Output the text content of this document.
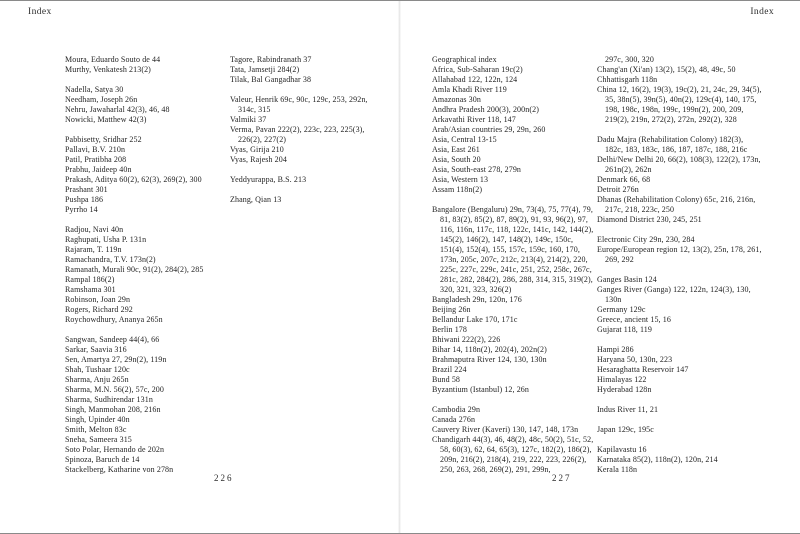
Index	Index
Moura, Eduardo Souto de 44
Murthy, Venkatesh 213(2)
Nadella, Satya 30
Needham, Joseph 26n
Nehru, Jawaharlal 42(3), 46, 48
Nowicki, Matthew 42(3)
Pabbisetty, Sridhar 252
Pallavi, B.V. 210n
Patil, Pratibha 208
Prabhu, Jaideep 40n
Prakash, Aditya 60(2), 62(3), 269(2), 300
Prashant 301
Pushpa 186
Pyrrho 14
Radjou, Navi 40n
Raghupati, Usha P. 131n
Rajaram, T. 119n
Ramachandra, T.V. 173n(2)
Ramanath, Murali 90c, 91(2), 284(2), 285
Rampal 186(2)
Ramshama 301
Robinson, Joan 29n
Rogers, Richard 292
Roychowdhury, Ananya 265n
Sangwan, Sandeep 44(4), 66
Sarkar, Saavia 316
Sen, Amartya 27, 29n(2), 119n
Shah, Tushaar 120c
Sharma, Anju 265n
Sharma, M.N. 56(2), 57c, 200
Sharma, Sudhirendar 131n
Singh, Manmohan 208, 216n
Singh, Upinder 40n
Smith, Melton 83c
Sneha, Sameera 315
Soto Polar, Hernando de 202n
Spinoza, Baruch de 14
Stackelberg, Katharine von 278n
Tagore, Rabindranath 37
Tata, Jamsetji 284(2)
Tilak, Bal Gangadhar 38
Valeur, Henrik 69c, 90c, 129c, 253, 292n, 314c, 315
Valmiki 37
Verma, Pavan 222(2), 223c, 223, 225(3), 226(2), 227(2)
Vyas, Girija 210
Vyas, Rajesh 204
Yeddyurappa, B.S. 213
Zhang, Qian 13
Geographical index
Africa, Sub-Saharan 19c(2)
Allahabad 122, 122n, 124
Amla Khadi River 119
Amazonas 30n
Andhra Pradesh 200(3), 200n(2)
Arkavathi River 118, 147
Arab/Asian countries 29, 29n, 260
Asia, Central 13-15
Asia, East 261
Asia, South 20
Asia, South-east 278, 279n
Asia, Western 13
Assam 118n(2)
Bangalore (Bengaluru) 29n, 73(4), 75, 77(4), 79, 81, 83(2), 85(2), 87, 89(2), 91, 93, 96(2), 97, 116, 116n, 117c, 118, 122c, 141c, 142, 144(2), 145(2), 146(2), 147, 148(2), 149c, 150c, 151(4), 152(4), 155, 157c, 159c, 160, 170, 173n, 205c, 207c, 212c, 213(4), 214(2), 220, 225c, 227c, 229c, 241c, 251, 252, 258c, 267c, 281c, 282, 284(2), 286, 288, 314, 315, 319(2), 320, 321, 323, 326(2)
Bangladesh 29n, 120n, 176
Beijing 26n
Bellandur Lake 170, 171c
Berlin 178
Bhiwani 222(2), 226
Bihar 14, 118n(2), 202(4), 202n(2)
Brahmaputra River 124, 130, 130n
Brazil 224
Bund 58
Byzantium (Istanbul) 12, 26n
Cambodia 29n
Canada 276n
Cauvery River (Kaveri) 130, 147, 148, 173n
Chandigarh 44(3), 46, 48(2), 48c, 50(2), 51c, 52, 58, 60(3), 62, 64, 65(3), 127c, 182(2), 186(2), 209n, 216(2), 218(4), 219, 222, 223, 226(2), 250, 263, 268, 269(2), 291, 299n,
297c, 300, 320
Chang'an (Xi'an) 13(2), 15(2), 48, 49c, 50
Chhattisgarh 118n
China 12, 16(2), 19(3), 19c(2), 21, 24c, 29, 34(5), 35, 38n(5), 39n(5), 40n(2), 129c(4), 140, 175, 198, 198c, 198n, 199c, 199n(2), 200, 209, 219(2), 219n, 272(2), 272n, 292(2), 328
Dadu Majra (Rehabilitation Colony) 182(3), 182c, 183, 183c, 186, 187, 187c, 188, 216c
Delhi/New Delhi 20, 66(2), 108(3), 122(2), 173n, 261n(2), 262n
Denmark 66, 68
Detroit 276n
Dhanas (Rehabilitation Colony) 65c, 216, 216n, 217c, 218, 223c, 250
Diamond District 230, 245, 251
Electronic City 29n, 230, 284
Europe/European region 12, 13(2), 25n, 178, 261, 269, 292
Ganges Basin 124
Ganges River (Ganga) 122, 122n, 124(3), 130, 130n
Germany 129c
Greece, ancient 15, 16
Gujarat 118, 119
Hampi 286
Haryana 50, 130n, 223
Hesaraghatta Reservoir 147
Himalayas 122
Hyderabad 128n
Indus River 11, 21
Japan 129c, 195c
Kapilavastu 16
Karnataka 85(2), 118n(2), 120n, 214
Kerala 118n
226	227
